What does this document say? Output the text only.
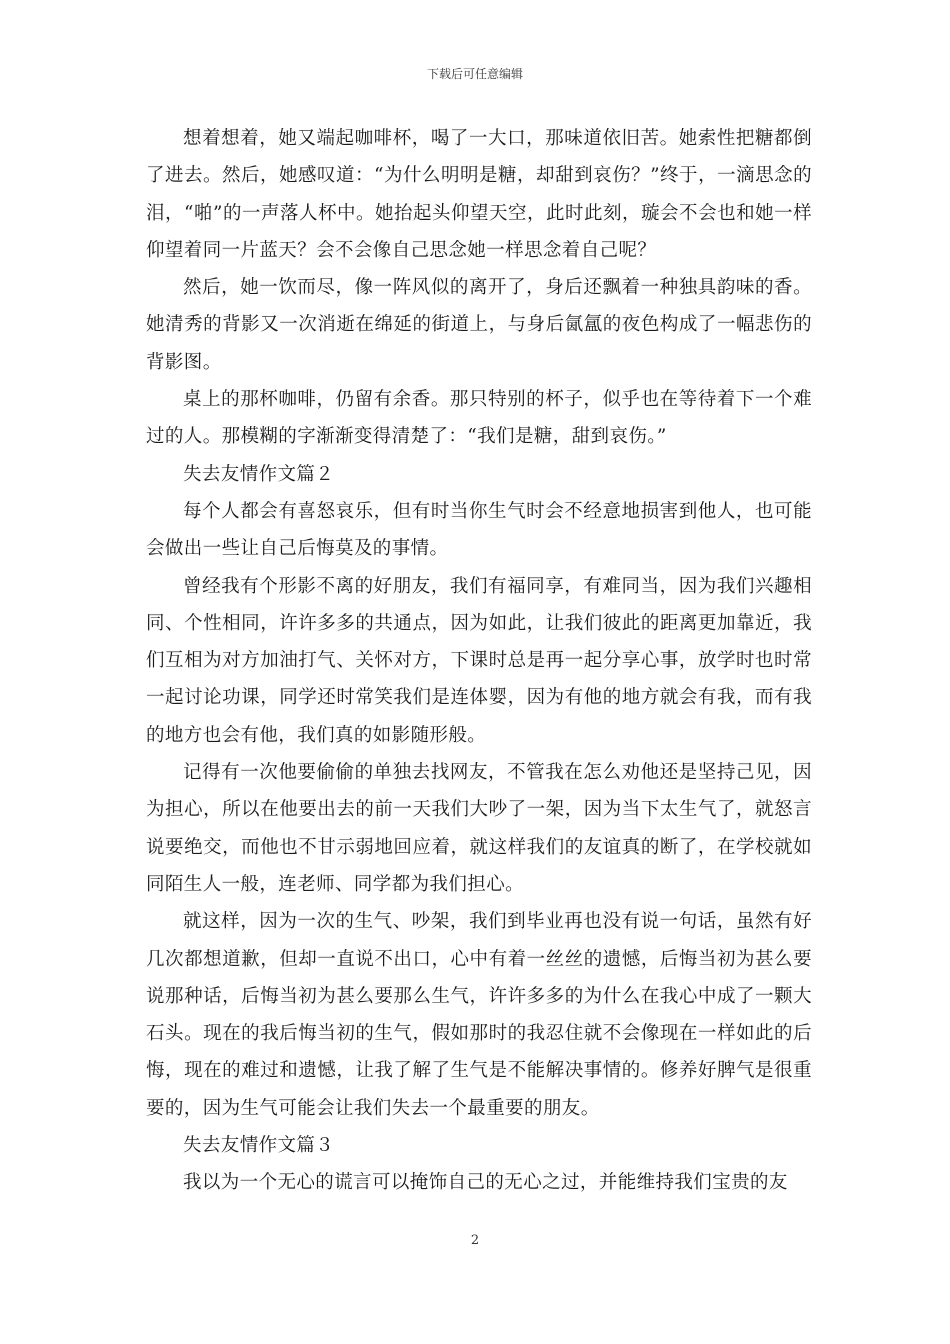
下载后可任意编辑

想着想着，她又端起咖啡杯，喝了一大口，那味道依旧苦。她索性把糖都倒了进去。然后，她感叹道：“为什么明明是糖，却甜到哀伤？”终于，一滴思念的泪，“啪”的一声落人杯中。她抬起头仰望天空，此时此刻，璇会不会也和她一样仰望着同一片蓝天？会不会像自己思念她一样思念着自己呢？

然后，她一饮而尽，像一阵风似的离开了，身后还飘着一种独具韵味的香。她清秀的背影又一次消逝在绵延的街道上，与身后氤氲的夜色构成了一幅悲伤的背影图。

桌上的那杯咖啡，仍留有余香。那只特别的杯子，似乎也在等待着下一个难过的人。那模糊的字渐渐变得清楚了：“我们是糖，甜到哀伤。”

失去友情作文篇２

每个人都会有喜怒哀乐，但有时当你生气时会不经意地损害到他人，也可能会做出一些让自己后悔莫及的事情。

曾经我有个形影不离的好朋友，我们有福同享，有难同当，因为我们兴趣相同、个性相同，许许多多的共通点，因为如此，让我们彼此的距离更加靠近，我们互相为对方加油打气、关怀对方，下课时总是再一起分享心事，放学时也时常一起讨论功课，同学还时常笑我们是连体婴，因为有他的地方就会有我，而有我的地方也会有他，我们真的如影随形般。

记得有一次他要偷偷的单独去找网友，不管我在怎么劝他还是坚持己见，因为担心，所以在他要出去的前一天我们大吵了一架，因为当下太生气了，就怒言说要绝交，而他也不甘示弱地回应着，就这样我们的友谊真的断了，在学校就如同陌生人一般，连老师、同学都为我们担心。

就这样，因为一次的生气、吵架，我们到毕业再也没有说一句话，虽然有好几次都想道歉，但却一直说不出口，心中有着一丝丝的遗憾，后悔当初为甚么要说那种话，后悔当初为甚么要那么生气，许许多多的为什么在我心中成了一颗大石头。现在的我后悔当初的生气，假如那时的我忍住就不会像现在一样如此的后悔，现在的难过和遗憾，让我了解了生气是不能解决事情的。修养好脾气是很重要的，因为生气可能会让我们失去一个最重要的朋友。

失去友情作文篇３

我以为一个无心的谎言可以掩饰自己的无心之过，并能维持我们宝贵的友

2
